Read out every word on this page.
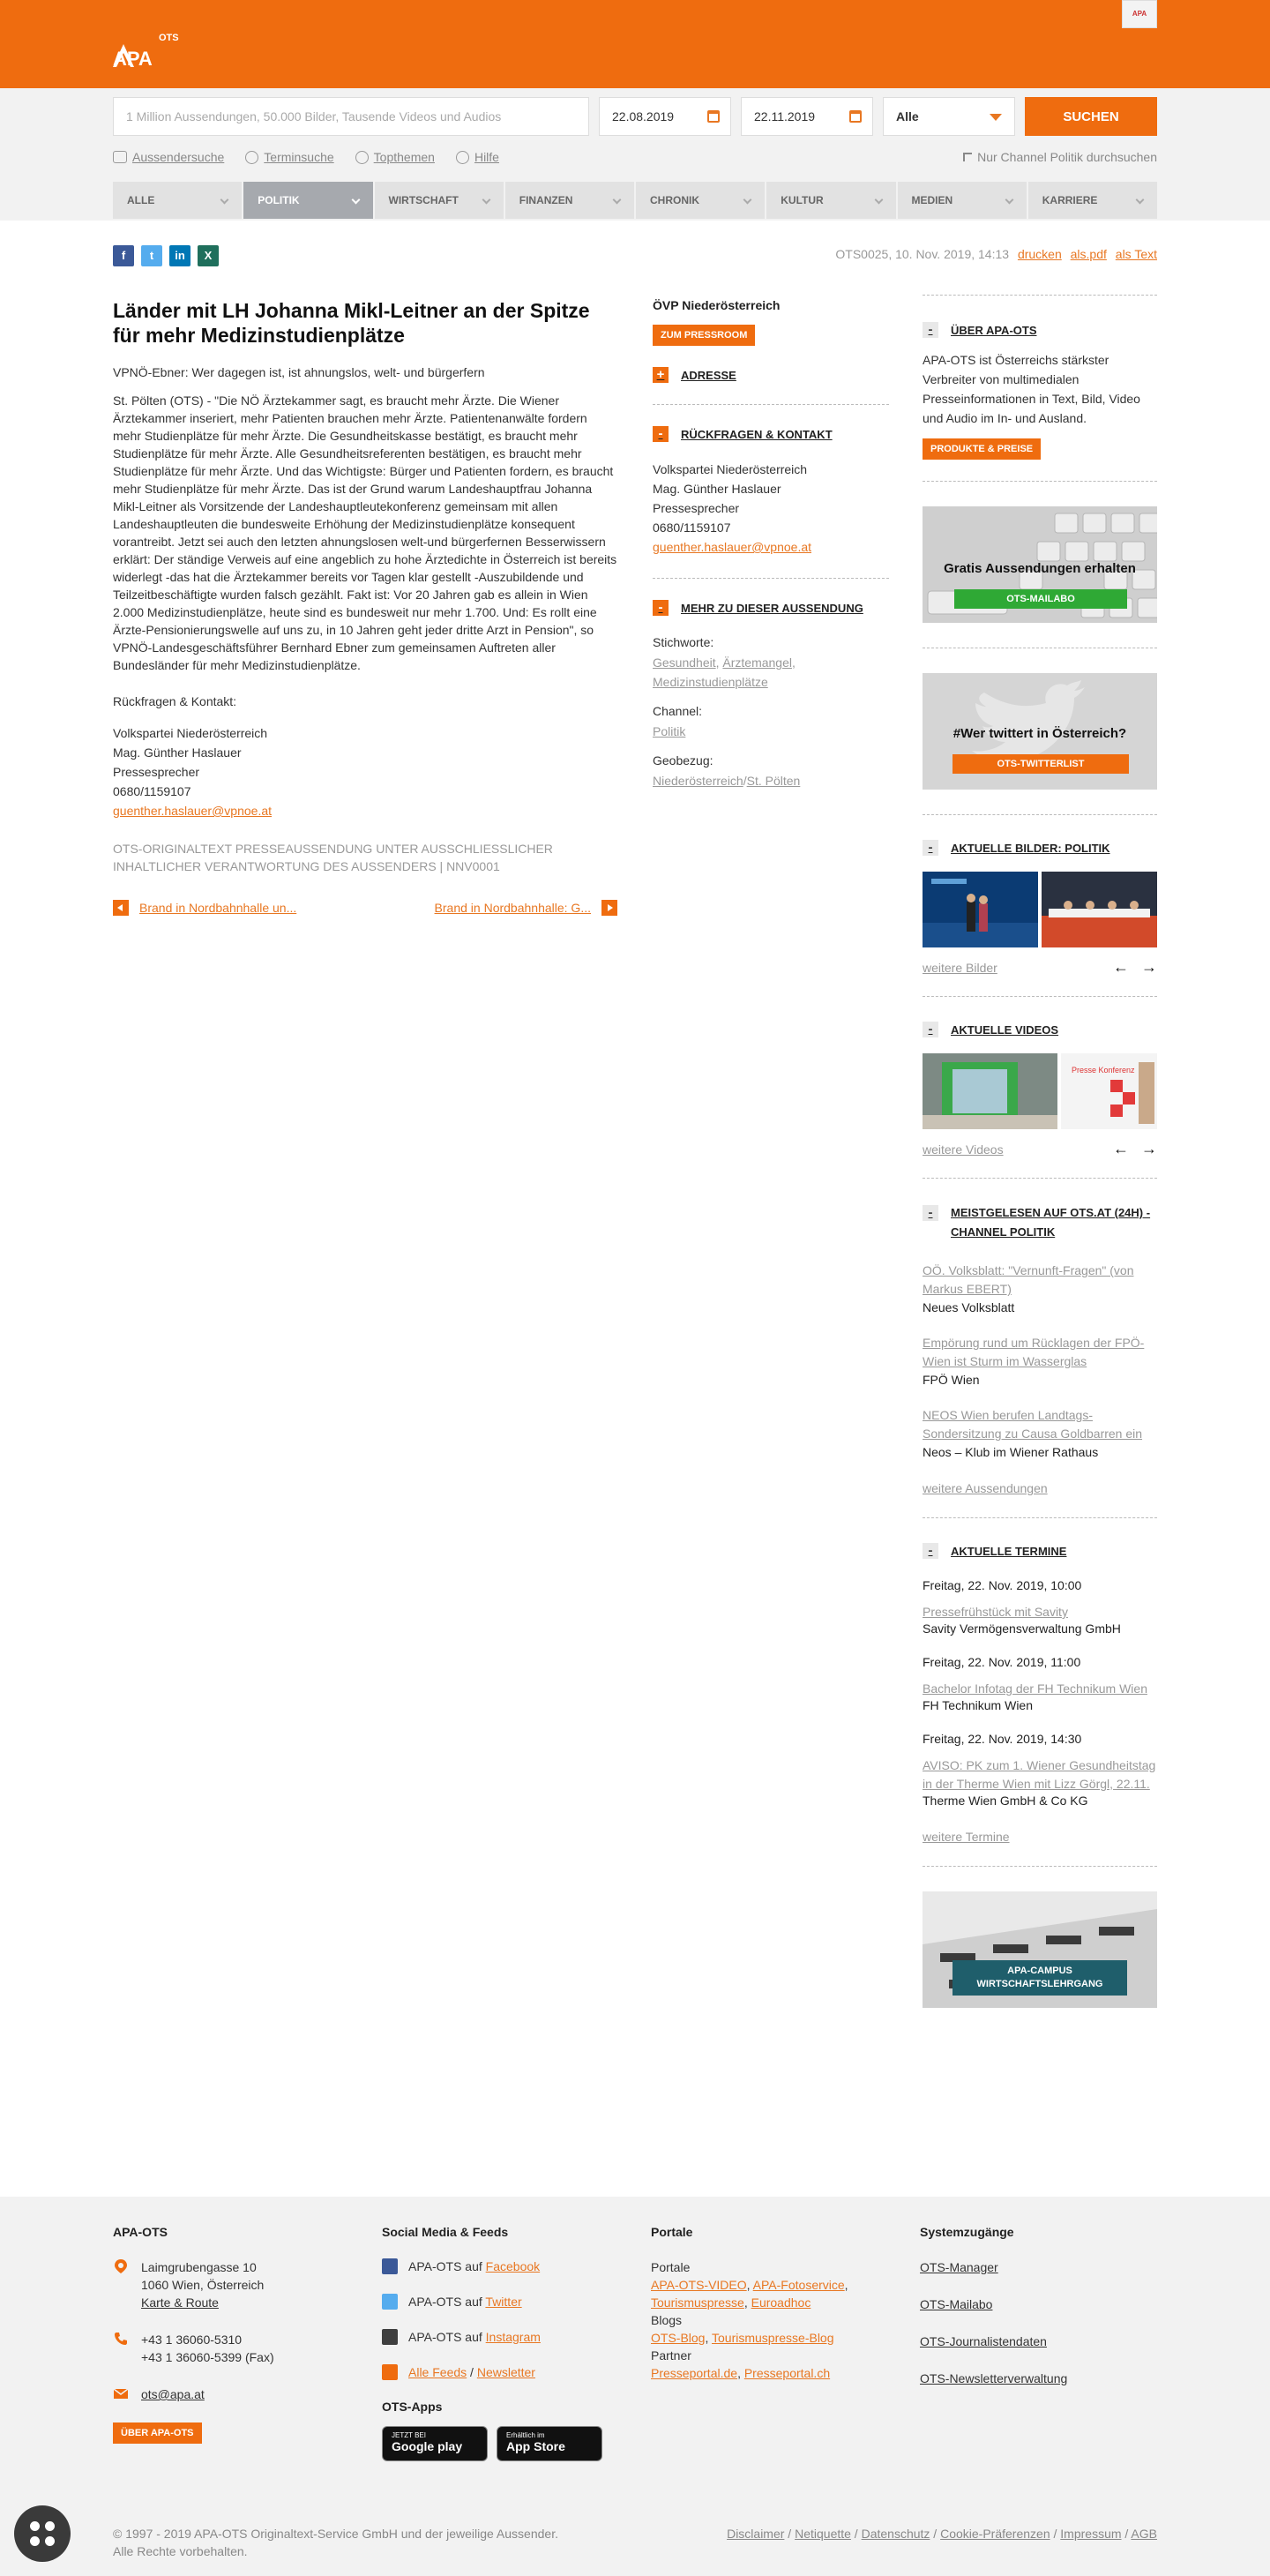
APA
OTS
APA
1 Million Aussendungen, 50.000 Bilder, Tausende Videos und Audios
22.08.2019	22.11.2019	Alle	SUCHEN
Aussendersuche	Terminsuche	Topthemen	Hilfe	Nur Channel Politik durchsuchen
ALLE	POLITIK	WIRTSCHAFT	FINANZEN	CHRONIK	KULTUR	MEDIEN	KARRIERE
f	t	in	X	OTS0025, 10. Nov. 2019, 14:13 drucken als.pdf als Text
Länder mit LH Johanna Mikl-Leitner an der Spitze für mehr Medizinstudienplätze

VPNÖ-Ebner: Wer dagegen ist, ist ahnungslos, welt- und bürgerfern

St. Pölten (OTS) - "Die NÖ Ärztekammer sagt, es braucht mehr Ärzte. Die Wiener Ärztekammer inseriert, mehr Patienten brauchen mehr Ärzte. Patientenanwälte fordern mehr Studienplätze für mehr Ärzte. Die Gesundheitskasse bestätigt, es braucht mehr Studienplätze für mehr Ärzte. Alle Gesundheitsreferenten bestätigen, es braucht mehr Studienplätze für mehr Ärzte. Und das Wichtigste: Bürger und Patienten fordern, es braucht mehr Studienplätze für mehr Ärzte. Das ist der Grund warum Landeshauptfrau Johanna Mikl-Leitner als Vorsitzende der Landeshauptleutekonferenz gemeinsam mit allen Landeshauptleuten die bundesweite Erhöhung der Medizinstudienplätze konsequent vorantreibt. Jetzt sei auch den letzten ahnungslosen welt-und bürgerfernen Besserwissern erklärt: Der ständige Verweis auf eine angeblich zu hohe Ärztedichte in Österreich ist bereits widerlegt -das hat die Ärztekammer bereits vor Tagen klar gestellt -Auszubildende und Teilzeitbeschäftigte wurden falsch gezählt. Fakt ist: Vor 20 Jahren gab es allein in Wien 2.000 Medizinstudienplätze, heute sind es bundesweit nur mehr 1.700. Und: Es rollt eine Ärzte-Pensionierungswelle auf uns zu, in 10 Jahren geht jeder dritte Arzt in Pension", so VPNÖ-Landesgeschäftsführer Bernhard Ebner zum gemeinsamen Auftreten aller Bundesländer für mehr Medizinstudienplätze.

Rückfragen & Kontakt:

Volkspartei Niederösterreich
Mag. Günther Haslauer
Pressesprecher
0680/1159107
guenther.haslauer@vpnoe.at

OTS-ORIGINALTEXT PRESSEAUSSENDUNG UNTER AUSSCHLIESSLICHER INHALTLICHER VERANTWORTUNG DES AUSSENDERS | NNV0001

Brand in Nordbahnhalle un...	Brand in Nordbahnhalle: G...
ÖVP Niederösterreich
ZUM PRESSROOM
+	ADRESSE
-	RÜCKFRAGEN & KONTAKT
Volkspartei Niederösterreich
Mag. Günther Haslauer
Pressesprecher
0680/1159107
guenther.haslauer@vpnoe.at
-	MEHR ZU DIESER AUSSENDUNG
Stichworte:
Gesundheit, Ärztemangel,
Medizinstudienplätze
Channel:
Politik
Geobezug:
Niederösterreich/St. Pölten
-	ÜBER APA-OTS

APA-OTS ist Österreichs stärkster Verbreiter von multimedialen Presseinformationen in Text, Bild, Video und Audio im In- und Ausland.

PRODUKTE & PREISE
Gratis Aussendungen erhalten
OTS-MAILABO
#Wer twittert in Österreich?
OTS-TWITTERLIST
-	AKTUELLE BILDER: POLITIK
weitere Bilder	← →
-	AKTUELLE VIDEOS
Presse Konferenz
weitere Videos	← →
-	MEISTGELESEN AUF OTS.AT (24H) - CHANNEL POLITIK
OÖ. Volksblatt: "Vernunft-Fragen" (von Markus EBERT)
Neues Volksblatt
Empörung rund um Rücklagen der FPÖ-Wien ist Sturm im Wasserglas
FPÖ Wien
NEOS Wien berufen Landtags-Sondersitzung zu Causa Goldbarren ein
Neos – Klub im Wiener Rathaus
weitere Aussendungen
-	AKTUELLE TERMINE
Freitag, 22. Nov. 2019, 10:00
Pressefrühstück mit Savity
Savity Vermögensverwaltung GmbH
Freitag, 22. Nov. 2019, 11:00
Bachelor Infotag der FH Technikum Wien
FH Technikum Wien
Freitag, 22. Nov. 2019, 14:30
AVISO: PK zum 1. Wiener Gesundheitstag in der Therme Wien mit Lizz Görgl, 22.11.
Therme Wien GmbH & Co KG
weitere Termine
APA-CAMPUS WIRTSCHAFTSLEHRGANG
APA-OTS
Laimgrubengasse 10
1060 Wien, Österreich
Karte & Route
+43 1 36060-5310
+43 1 36060-5399 (Fax)
ots@apa.at
ÜBER APA-OTS
Social Media & Feeds
APA-OTS auf Facebook
APA-OTS auf Twitter
APA-OTS auf Instagram
Alle Feeds / Newsletter
OTS-Apps
JETZT BEI
Google play
Erhältlich im
App Store
Portale
Portale
APA-OTS-VIDEO, APA-Fotoservice,
Tourismuspresse, Euroadhoc
Blogs
OTS-Blog, Tourismuspresse-Blog
Partner
Presseportal.de, Presseportal.ch
Systemzugänge
OTS-Manager
OTS-Mailabo
OTS-Journalistendaten
OTS-Newsletterverwaltung
© 1997 - 2019 APA-OTS Originaltext-Service GmbH und der jeweilige Aussender.
Alle Rechte vorbehalten.
Disclaimer / Netiquette / Datenschutz / Cookie-Präferenzen / Impressum / AGB
